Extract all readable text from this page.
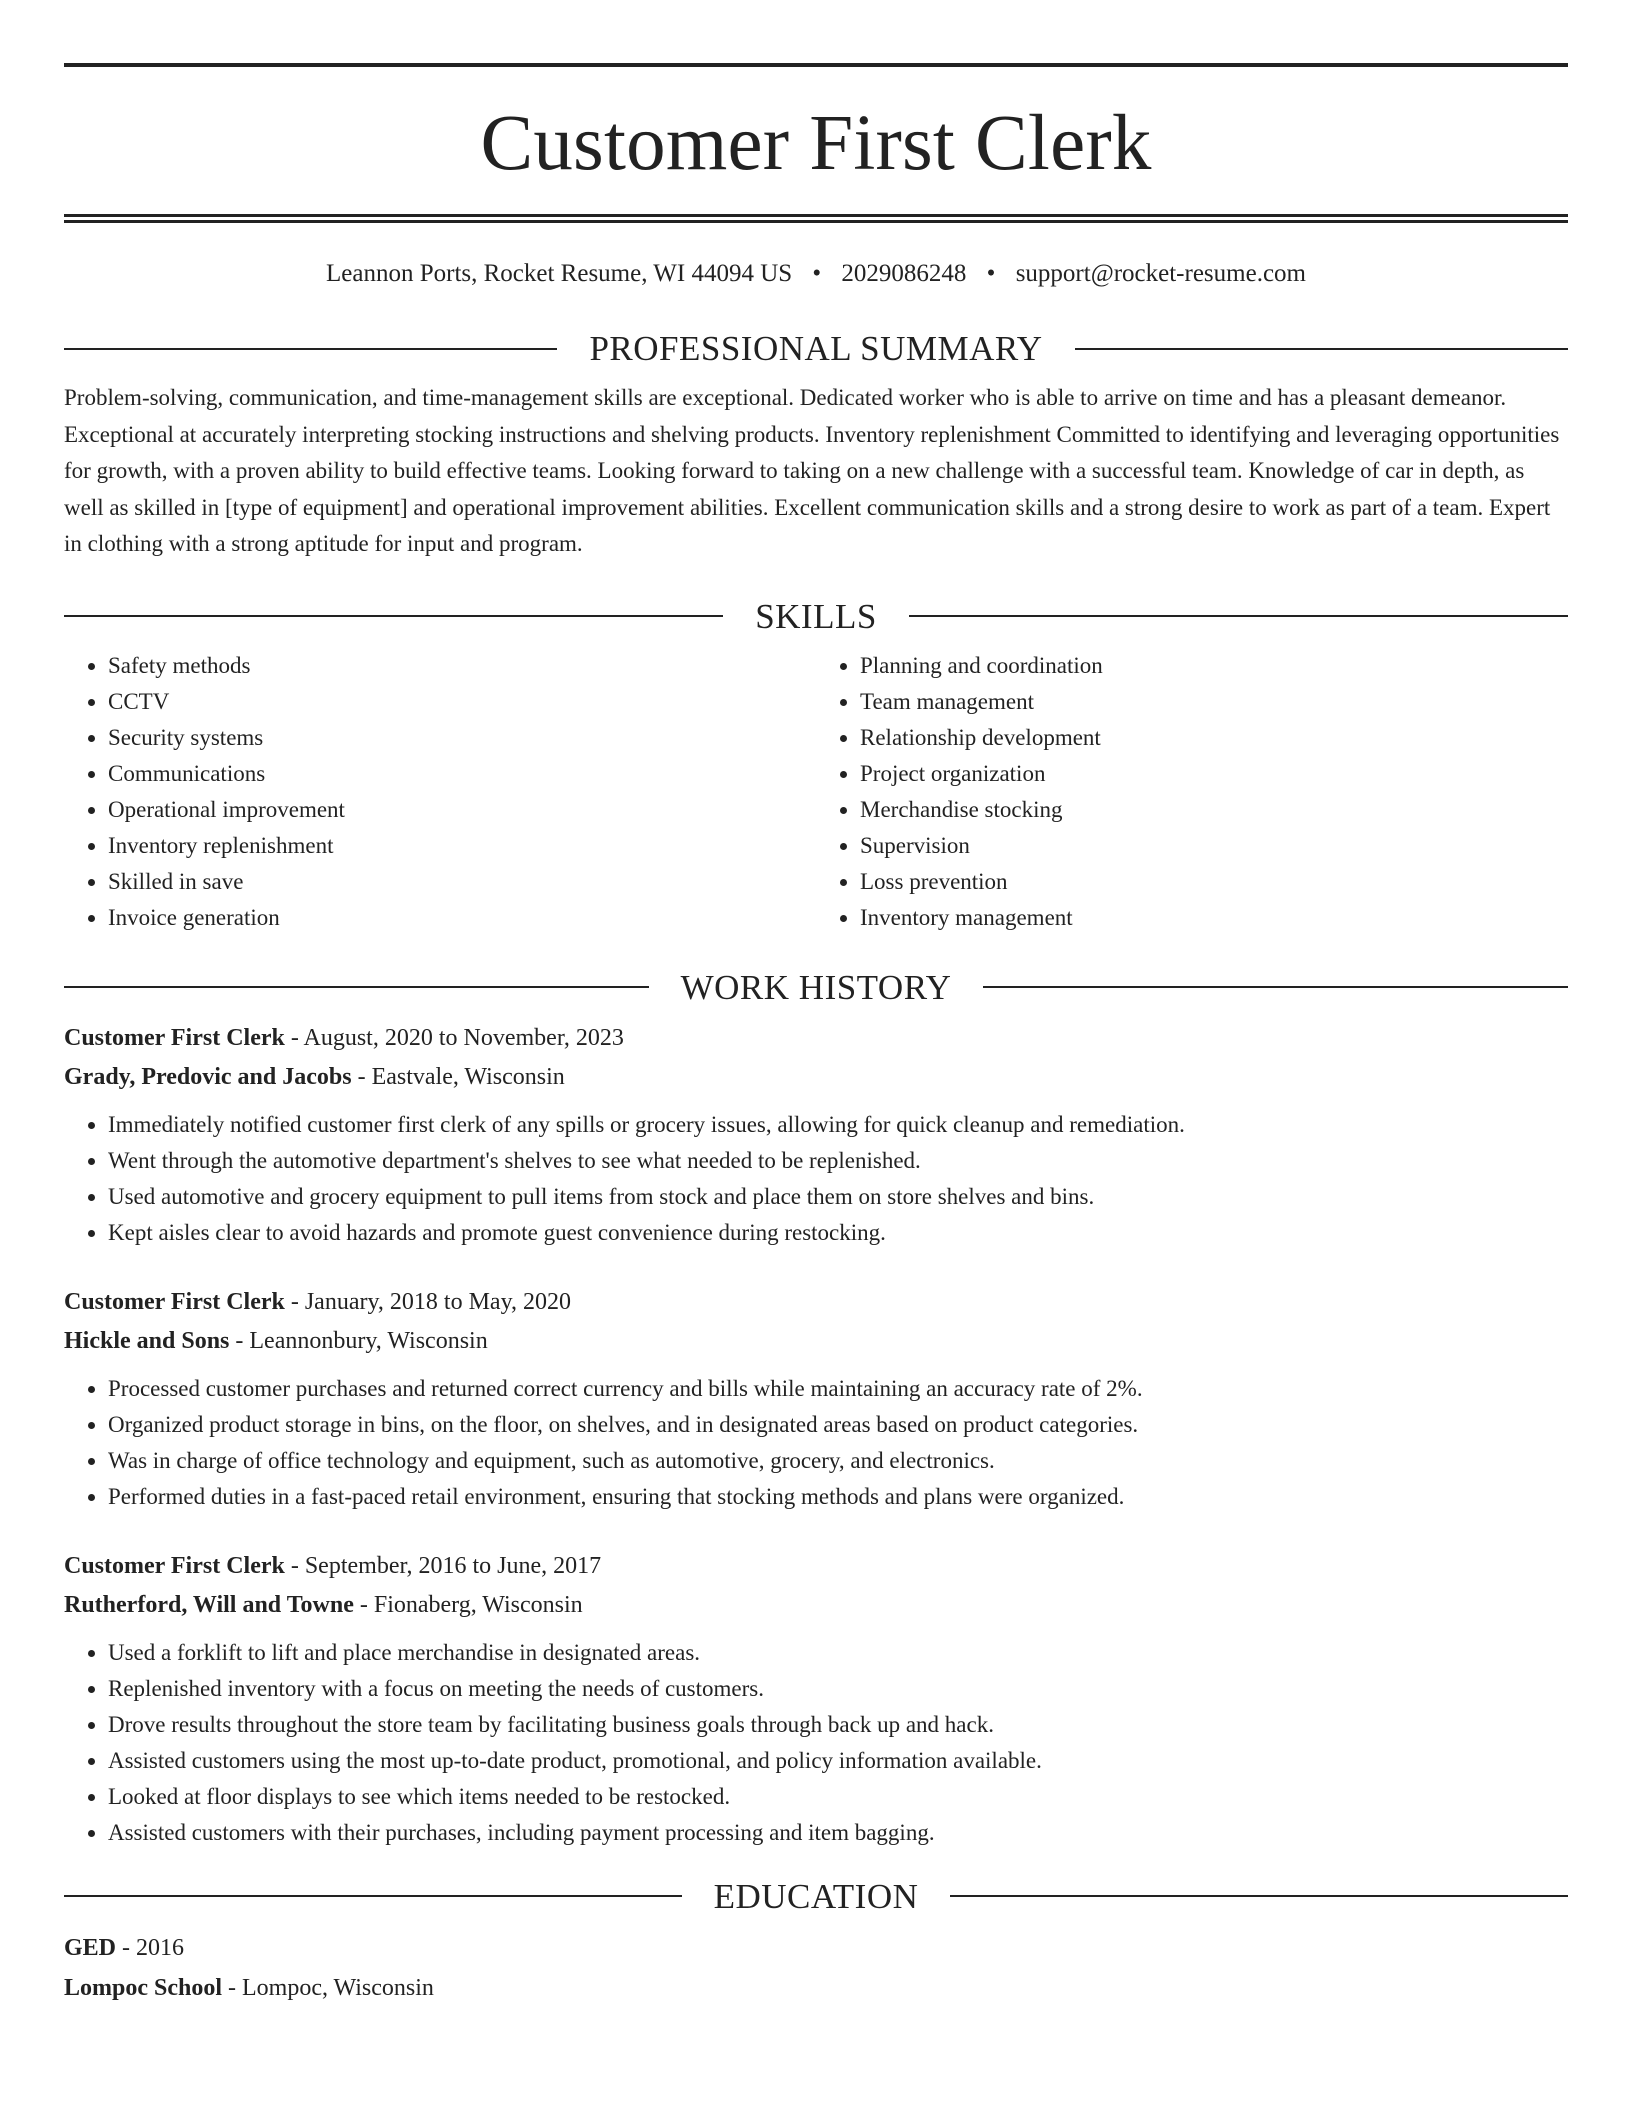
Customer First Clerk
Leannon Ports, Rocket Resume, WI 44094 US • 2029086248 • support@rocket-resume.com
PROFESSIONAL SUMMARY

Problem-solving, communication, and time-management skills are exceptional. Dedicated worker who is able to arrive on time and has a pleasant demeanor. Exceptional at accurately interpreting stocking instructions and shelving products. Inventory replenishment Committed to identifying and leveraging opportunities for growth, with a proven ability to build effective teams. Looking forward to taking on a new challenge with a successful team. Knowledge of car in depth, as well as skilled in [type of equipment] and operational improvement abilities. Excellent communication skills and a strong desire to work as part of a team. Expert in clothing with a strong aptitude for input and program.

SKILLS
• Safety methods
• CCTV
• Security systems
• Communications
• Operational improvement
• Inventory replenishment
• Skilled in save
• Invoice generation
• Planning and coordination
• Team management
• Relationship development
• Project organization
• Merchandise stocking
• Supervision
• Loss prevention
• Inventory management
WORK HISTORY
Customer First Clerk - August, 2020 to November, 2023
Grady, Predovic and Jacobs - Eastvale, Wisconsin
• Immediately notified customer first clerk of any spills or grocery issues, allowing for quick cleanup and remediation.
• Went through the automotive department's shelves to see what needed to be replenished.
• Used automotive and grocery equipment to pull items from stock and place them on store shelves and bins.
• Kept aisles clear to avoid hazards and promote guest convenience during restocking.
Customer First Clerk - January, 2018 to May, 2020
Hickle and Sons - Leannonbury, Wisconsin
• Processed customer purchases and returned correct currency and bills while maintaining an accuracy rate of 2%.
• Organized product storage in bins, on the floor, on shelves, and in designated areas based on product categories.
• Was in charge of office technology and equipment, such as automotive, grocery, and electronics.
• Performed duties in a fast-paced retail environment, ensuring that stocking methods and plans were organized.
Customer First Clerk - September, 2016 to June, 2017
Rutherford, Will and Towne - Fionaberg, Wisconsin
• Used a forklift to lift and place merchandise in designated areas.
• Replenished inventory with a focus on meeting the needs of customers.
• Drove results throughout the store team by facilitating business goals through back up and hack.
• Assisted customers using the most up-to-date product, promotional, and policy information available.
• Looked at floor displays to see which items needed to be restocked.
• Assisted customers with their purchases, including payment processing and item bagging.
EDUCATION
GED - 2016
Lompoc School - Lompoc, Wisconsin
